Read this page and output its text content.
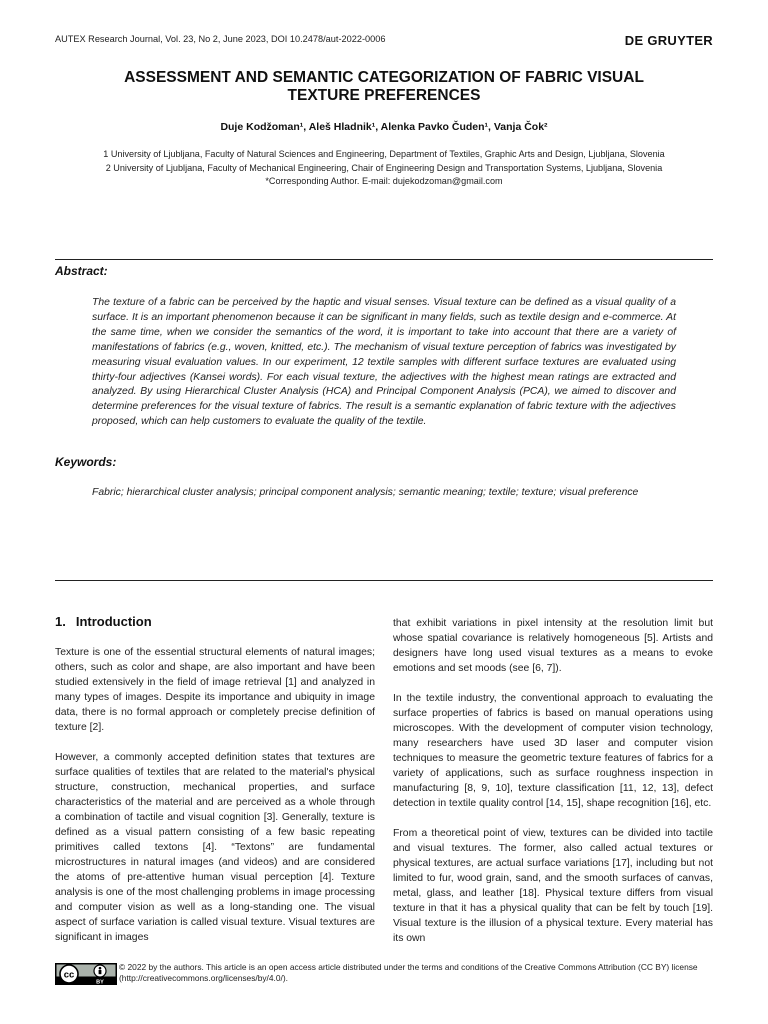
AUTEX Research Journal, Vol. 23, No 2, June 2023, DOI 10.2478/aut-2022-0006	DE GRUYTER
ASSESSMENT AND SEMANTIC CATEGORIZATION OF FABRIC VISUAL
TEXTURE PREFERENCES
Duje Kodžoman¹, Aleš Hladnik¹, Alenka Pavko Čuden¹, Vanja Čok²
1 University of Ljubljana, Faculty of Natural Sciences and Engineering, Department of Textiles, Graphic Arts and Design, Ljubljana, Slovenia
2 University of Ljubljana, Faculty of Mechanical Engineering, Chair of Engineering Design and Transportation Systems, Ljubljana, Slovenia
*Corresponding Author. E-mail: dujekodzoman@gmail.com
Abstract:

The texture of a fabric can be perceived by the haptic and visual senses. Visual texture can be defined as a visual quality of a surface. It is an important phenomenon because it can be significant in many fields, such as textile design and e-commerce. At the same time, when we consider the semantics of the word, it is important to take into account that there are a variety of manifestations of fabrics (e.g., woven, knitted, etc.). The mechanism of visual texture perception of fabrics was investigated by measuring visual evaluation values. In our experiment, 12 textile samples with different surface textures are evaluated using thirty-four adjectives (Kansei words). For each visual texture, the adjectives with the highest mean ratings are extracted and analyzed. By using Hierarchical Cluster Analysis (HCA) and Principal Component Analysis (PCA), we aimed to discover and determine preferences for the visual texture of fabrics. The result is a semantic explanation of fabric texture with the adjectives proposed, which can help customers to evaluate the quality of the textile.

Keywords:

Fabric; hierarchical cluster analysis; principal component analysis; semantic meaning; textile; texture; visual preference

1. Introduction

Texture is one of the essential structural elements of natural images; others, such as color and shape, are also important and have been studied extensively in the field of image retrieval [1] and analyzed in many types of images. Despite its importance and ubiquity in image data, there is no formal approach or completely precise definition of texture [2].

However, a commonly accepted definition states that textures are surface qualities of textiles that are related to the material's physical structure, construction, mechanical properties, and surface characteristics of the material and are perceived as a whole through a combination of tactile and visual cognition [3]. Generally, texture is defined as a visual pattern consisting of a few basic repeating primitives called textons [4]. “Textons” are fundamental microstructures in natural images (and videos) and are considered the atoms of pre-attentive human visual perception [4]. Texture analysis is one of the most challenging problems in image processing and computer vision as well as a long-standing one. The visual aspect of surface variation is called visual texture. Visual textures are significant in images

that exhibit variations in pixel intensity at the resolution limit but whose spatial covariance is relatively homogeneous [5]. Artists and designers have long used visual textures as a means to evoke emotions and set moods (see [6, 7]).

In the textile industry, the conventional approach to evaluating the surface properties of fabrics is based on manual operations using microscopes. With the development of computer vision technology, many researchers have used 3D laser and computer vision techniques to measure the geometric texture features of fabrics for a variety of applications, such as surface roughness inspection in manufacturing [8, 9, 10], texture classification [11, 12, 13], defect detection in textile quality control [14, 15], shape recognition [16], etc.

From a theoretical point of view, textures can be divided into tactile and visual textures. The former, also called actual textures or physical textures, are actual surface variations [17], including but not limited to fur, wood grain, sand, and the smooth surfaces of canvas, metal, glass, and leather [18]. Physical texture differs from visual texture in that it has a physical quality that can be felt by touch [19]. Visual texture is the illusion of a physical texture. Every material has its own

cc
BY
© 2022 by the authors. This article is an open access article distributed under the terms and conditions of the Creative Commons Attribution (CC BY) license
(http://creativecommons.org/licenses/by/4.0/).
